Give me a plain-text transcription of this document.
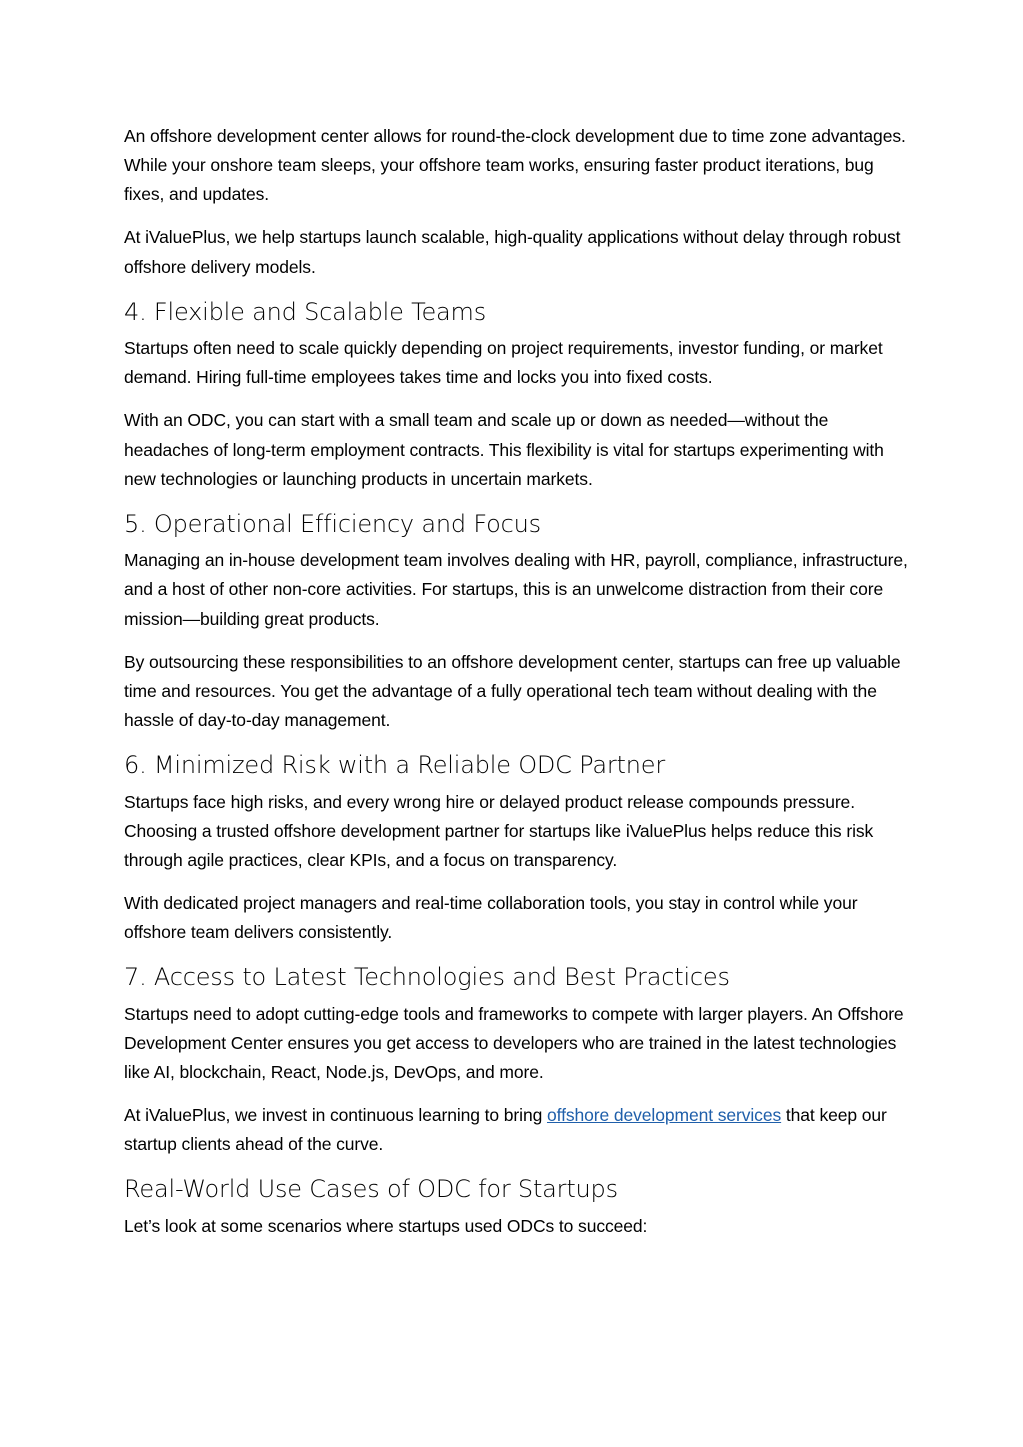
An offshore development center allows for round-the-clock development due to time zone advantages. While your onshore team sleeps, your offshore team works, ensuring faster product iterations, bug fixes, and updates.

At iValuePlus, we help startups launch scalable, high-quality applications without delay through robust offshore delivery models.

4. Flexible and Scalable Teams

Startups often need to scale quickly depending on project requirements, investor funding, or market demand. Hiring full-time employees takes time and locks you into fixed costs.

With an ODC, you can start with a small team and scale up or down as needed—without the headaches of long-term employment contracts. This flexibility is vital for startups experimenting with new technologies or launching products in uncertain markets.

5. Operational Efficiency and Focus

Managing an in-house development team involves dealing with HR, payroll, compliance, infrastructure, and a host of other non-core activities. For startups, this is an unwelcome distraction from their core mission—building great products.

By outsourcing these responsibilities to an offshore development center, startups can free up valuable time and resources. You get the advantage of a fully operational tech team without dealing with the hassle of day-to-day management.

6. Minimized Risk with a Reliable ODC Partner

Startups face high risks, and every wrong hire or delayed product release compounds pressure. Choosing a trusted offshore development partner for startups like iValuePlus helps reduce this risk through agile practices, clear KPIs, and a focus on transparency.

With dedicated project managers and real-time collaboration tools, you stay in control while your offshore team delivers consistently.

7. Access to Latest Technologies and Best Practices

Startups need to adopt cutting-edge tools and frameworks to compete with larger players. An Offshore Development Center ensures you get access to developers who are trained in the latest technologies like AI, blockchain, React, Node.js, DevOps, and more.

At iValuePlus, we invest in continuous learning to bring offshore development services that keep our startup clients ahead of the curve.

Real-World Use Cases of ODC for Startups

Let’s look at some scenarios where startups used ODCs to succeed:
